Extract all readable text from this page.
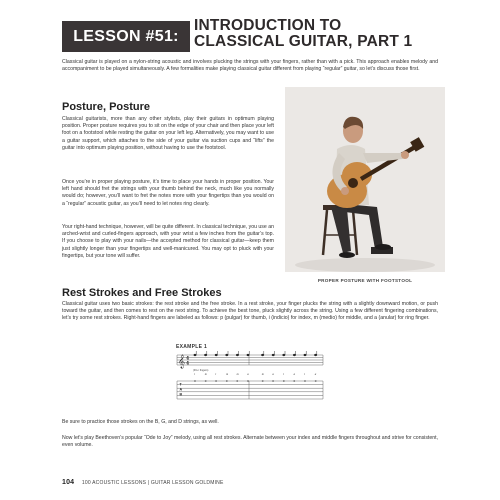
LESSON #51:
INTRODUCTION TO
CLASSICAL GUITAR, PART 1

Classical guitar is played on a nylon-string acoustic and involves plucking the strings with your fingers, rather than with a pick. This approach enables melody and accompaniment to be played simultaneously. A few formalities make playing classical guitar different from playing “regular” guitar, so let’s discuss those first.

Posture, Posture

Classical guitarists, more than any other stylists, play their guitars in optimum playing position. Proper posture requires you to sit on the edge of your chair and then place your left foot on a footstool while resting the guitar on your left leg. Alternatively, you may want to use a guitar support, which attaches to the side of your guitar via suction cups and “lifts” the guitar into optimum playing position, without having to use the footstool.

Once you’re in proper playing posture, it’s time to place your hands in proper position. Your left hand should fret the strings with your thumb behind the neck, much like you normally would do; however, you’ll want to fret the notes more with your fingertips than you would on a “regular” acoustic guitar, as you’ll need to let notes ring clearly.

Your right-hand technique, however, will be quite different. In classical technique, you use an arched-wrist and curled-fingers approach, with your wrist a few inches from the guitar’s top. If you choose to play with your nails—the accepted method for classical guitar—keep them just slightly longer than your fingertips and well-manicured. You may opt to pluck with your fingertips, but your tone will suffer.

PROPER POSTURE WITH FOOTSTOOL
Rest Strokes and Free Strokes

Classical guitar uses two basic strokes: the rest stroke and the free stroke. In a rest stroke, your finger plucks the string with a slightly downward motion, or push toward the guitar, and then comes to rest on the next string. To achieve the best tone, pluck slightly across the string. Using a few different fingering combinations, let’s try some rest strokes. Right-hand fingers are labeled as follows: p (pulgar) for thumb, i (indicio) for index, m (medio) for middle, and a (anular) for ring finger.

EXAMPLE 1
𝄞 4
4
(R.H. fingers)
i	m	i	m	m	a	m	a	i	a	i	a
T
A
B
0	0	0	0	0	0	0	0	0	0	0	0

Be sure to practice those strokes on the B, G, and D strings, as well.

Now let’s play Beethoven’s popular “Ode to Joy” melody, using all rest strokes. Alternate between your index and middle fingers throughout and strive for consistent, even volume.

104 100 ACOUSTIC LESSONS | GUITAR LESSON GOLDMINE
